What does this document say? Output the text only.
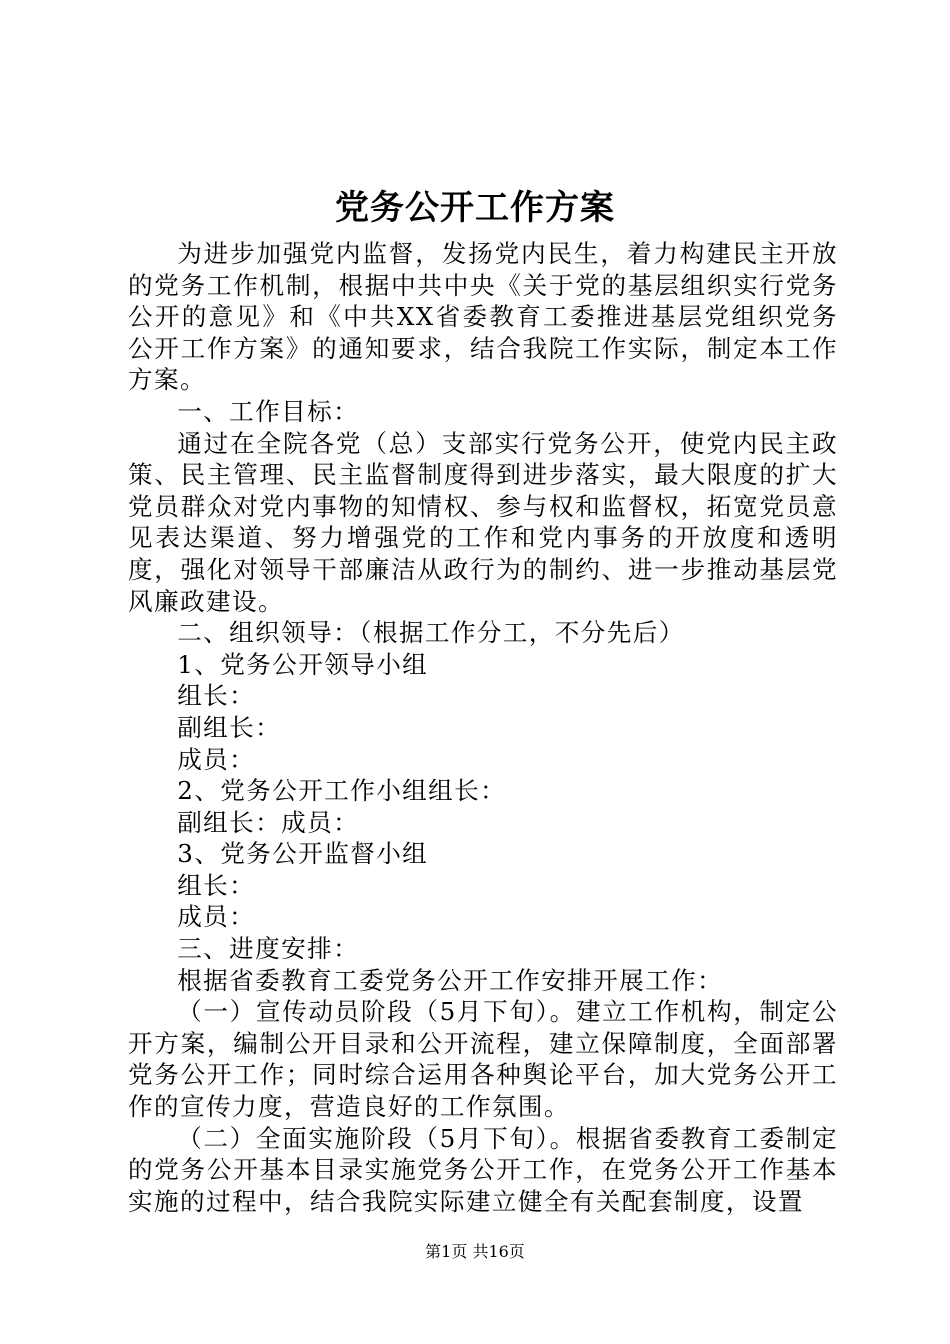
党务公开工作方案

为进步加强党内监督，发扬党内民生，着力构建民主开放的党务工作机制，根据中共中央《关于党的基层组织实行党务公开的意见》和《中共XX省委教育工委推进基层党组织党务公开工作方案》的通知要求，结合我院工作实际，制定本工作方案。

一、工作目标：

通过在全院各党（总）支部实行党务公开，使党内民主政策、民主管理、民主监督制度得到进步落实，最大限度的扩大党员群众对党内事物的知情权、参与权和监督权，拓宽党员意见表达渠道、努力增强党的工作和党内事务的开放度和透明度，强化对领导干部廉洁从政行为的制约、进一步推动基层党风廉政建设。

二、组织领导：（根据工作分工，不分先后）

1、党务公开领导小组

组长：

副组长：

成员：

2、党务公开工作小组组长：

副组长：成员：

3、党务公开监督小组

组长：

成员：

三、进度安排：

根据省委教育工委党务公开工作安排开展工作：

（一）宣传动员阶段（5月下旬）。建立工作机构，制定公开方案，编制公开目录和公开流程，建立保障制度，全面部署党务公开工作；同时综合运用各种舆论平台，加大党务公开工作的宣传力度，营造良好的工作氛围。

（二）全面实施阶段（5月下旬）。根据省委教育工委制定的党务公开基本目录实施党务公开工作，在党务公开工作基本实施的过程中，结合我院实际建立健全有关配套制度，设置

第1页 共16页
